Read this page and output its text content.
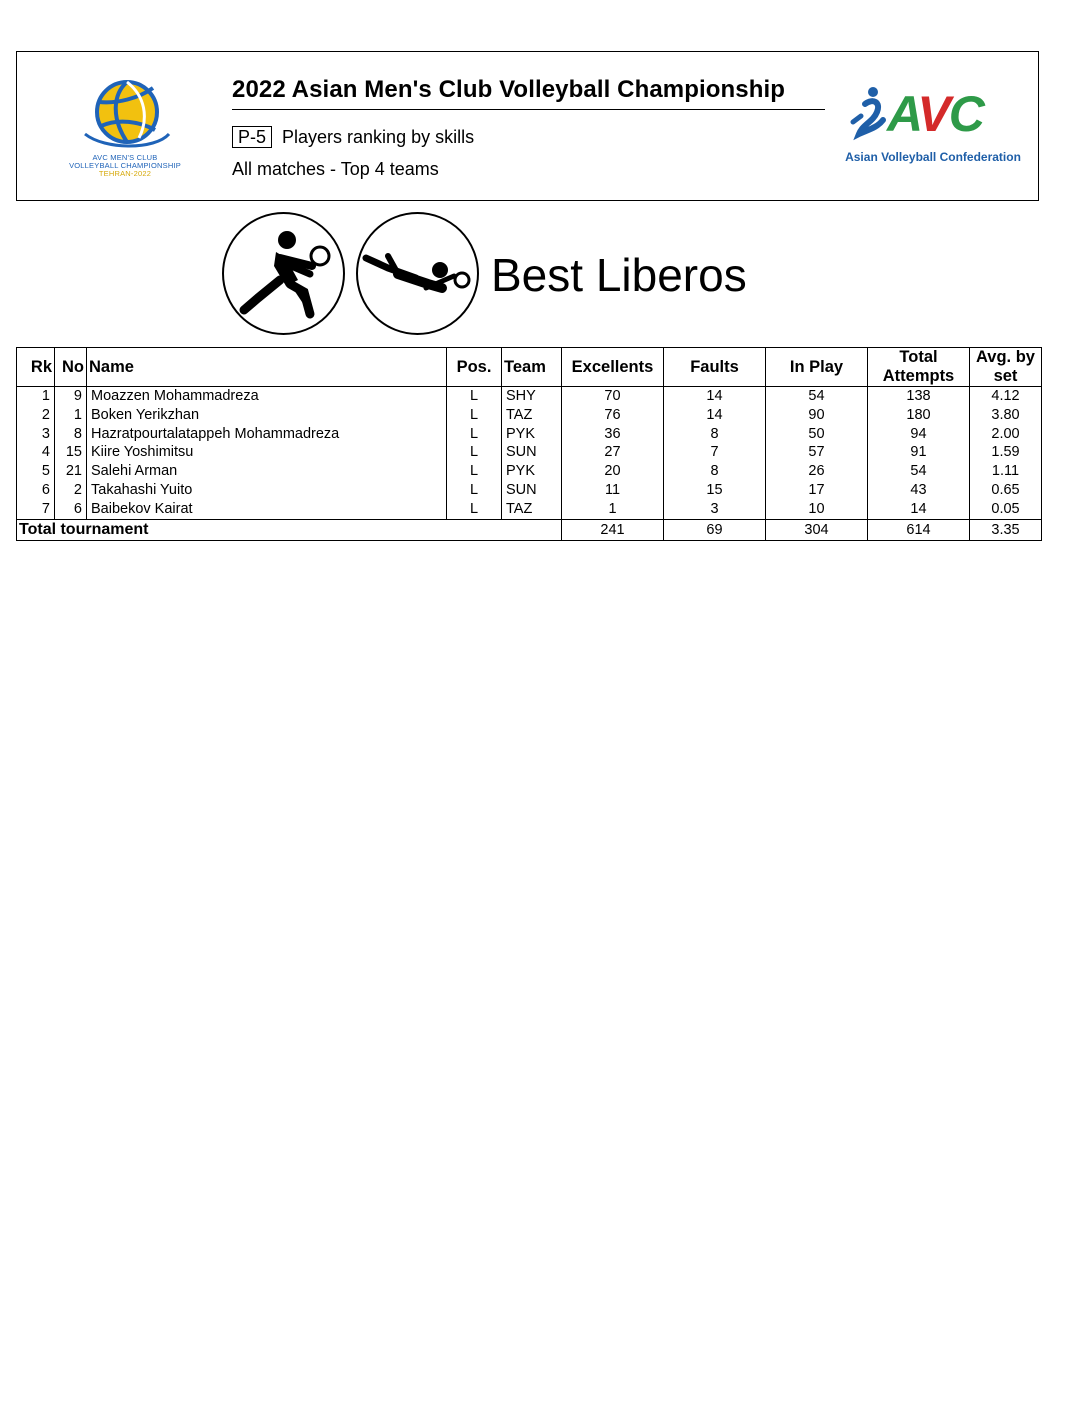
AVC MEN'S CLUB
VOLLEYBALL CHAMPIONSHIP
TEHRAN-2022
2022 Asian Men's Club Volleyball Championship
P-5 Players ranking by skills
All matches - Top 4 teams
AVC
Asian Volleyball Confederation
Best Liberos
Rk	No	Name	Pos.	Team	Excellents	Faults	In Play	Total Attempts	Avg. by set
1	9	Moazzen Mohammadreza	L	SHY	70	14	54	138	4.12
2	1	Boken Yerikzhan	L	TAZ	76	14	90	180	3.80
3	8	Hazratpourtalatappeh Mohammadreza	L	PYK	36	8	50	94	2.00
4	15	Kiire Yoshimitsu	L	SUN	27	7	57	91	1.59
5	21	Salehi Arman	L	PYK	20	8	26	54	1.11
6	2	Takahashi Yuito	L	SUN	11	15	17	43	0.65
7	6	Baibekov Kairat	L	TAZ	1	3	10	14	0.05
Total tournament					241	69	304	614	3.35
